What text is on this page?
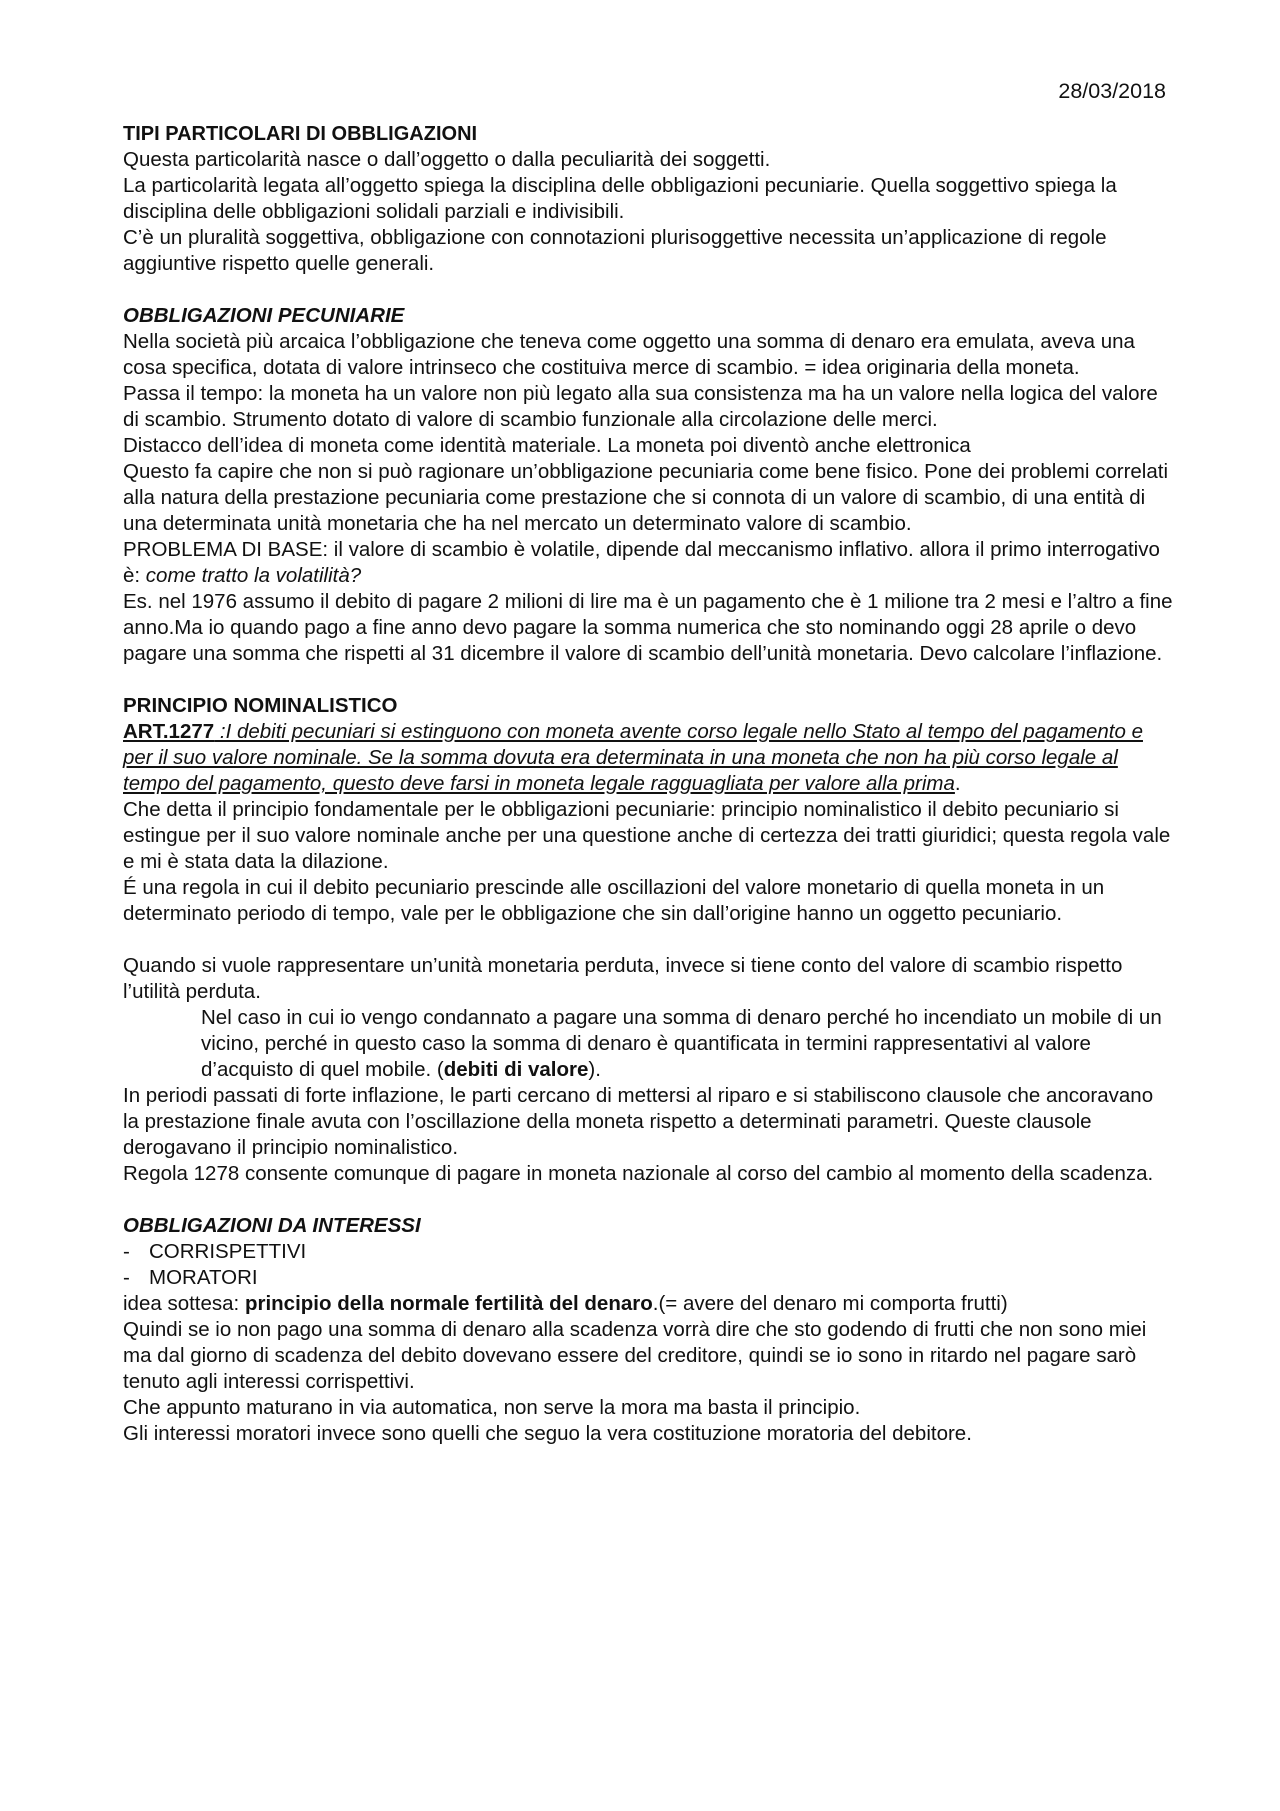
28/03/2018

TIPI PARTICOLARI DI OBBLIGAZIONI

Questa particolarità nasce o dall’oggetto o dalla peculiarità dei soggetti.

La particolarità legata all’oggetto spiega la disciplina delle obbligazioni pecuniarie. Quella soggettivo spiega la disciplina delle obbligazioni solidali parziali e indivisibili.

C’è un pluralità soggettiva, obbligazione con connotazioni plurisoggettive necessita un’applicazione di regole aggiuntive rispetto quelle generali.

OBBLIGAZIONI PECUNIARIE

Nella società più arcaica l’obbligazione che teneva come oggetto una somma di denaro era emulata, aveva una cosa specifica, dotata di valore intrinseco che costituiva merce di scambio. = idea originaria della moneta.

Passa il tempo: la moneta ha un valore non più legato alla sua consistenza ma ha un valore nella logica del valore di scambio. Strumento dotato di valore di scambio funzionale alla circolazione delle merci.

Distacco dell’idea di moneta come identità materiale. La moneta poi diventò anche elettronica

Questo fa capire che non si può ragionare un’obbligazione pecuniaria come bene fisico. Pone dei problemi correlati alla natura della prestazione pecuniaria come prestazione che si connota di un valore di scambio, di una entità di una determinata unità monetaria che ha nel mercato un determinato valore di scambio.

PROBLEMA DI BASE: il valore di scambio è volatile, dipende dal meccanismo inflativo. allora il primo interrogativo è: come tratto la volatilità?

Es. nel 1976 assumo il debito di pagare 2 milioni di lire ma è un pagamento che è 1 milione tra 2 mesi e l’altro a fine anno.Ma io quando pago a fine anno devo pagare la somma numerica che sto nominando oggi 28 aprile o devo pagare una somma che rispetti al 31 dicembre il valore di scambio dell’unità monetaria. Devo calcolare l’inflazione.

PRINCIPIO NOMINALISTICO

ART.1277 :I debiti pecuniari si estinguono con moneta avente corso legale nello Stato al tempo del pagamento e per il suo valore nominale. Se la somma dovuta era determinata in una moneta che non ha più corso legale al tempo del pagamento, questo deve farsi in moneta legale ragguagliata per valore alla prima.

Che detta il principio fondamentale per le obbligazioni pecuniarie: principio nominalistico il debito pecuniario si estingue per il suo valore nominale anche per una questione anche di certezza dei tratti giuridici; questa regola vale e mi è stata data la dilazione.

É una regola in cui il debito pecuniario prescinde alle oscillazioni del valore monetario di quella moneta in un determinato periodo di tempo, vale per le obbligazione che sin dall’origine hanno un oggetto pecuniario.

Quando si vuole rappresentare un’unità monetaria perduta, invece si tiene conto del valore di scambio rispetto l’utilità perduta.

Nel caso in cui io vengo condannato a pagare una somma di denaro perché ho incendiato un mobile di un vicino, perché in questo caso la somma di denaro è quantificata in termini rappresentativi al valore d’acquisto di quel mobile. (debiti di valore).

In periodi passati di forte inflazione, le parti cercano di mettersi al riparo e si stabiliscono clausole che ancoravano la prestazione finale avuta con l’oscillazione della moneta rispetto a determinati parametri. Queste clausole derogavano il principio nominalistico.

Regola 1278 consente comunque di pagare in moneta nazionale al corso del cambio al momento della scadenza.

OBBLIGAZIONI DA INTERESSI

- CORRISPETTIVI
- MORATORI

idea sottesa: principio della normale fertilità del denaro.(= avere del denaro mi comporta frutti)

Quindi se io non pago una somma di denaro alla scadenza vorrà dire che sto godendo di frutti che non sono miei ma dal giorno di scadenza del debito dovevano essere del creditore, quindi se io sono in ritardo nel pagare sarò tenuto agli interessi corrispettivi.

Che appunto maturano in via automatica, non serve la mora ma basta il principio.

Gli interessi moratori invece sono quelli che seguo la vera costituzione moratoria del debitore.
